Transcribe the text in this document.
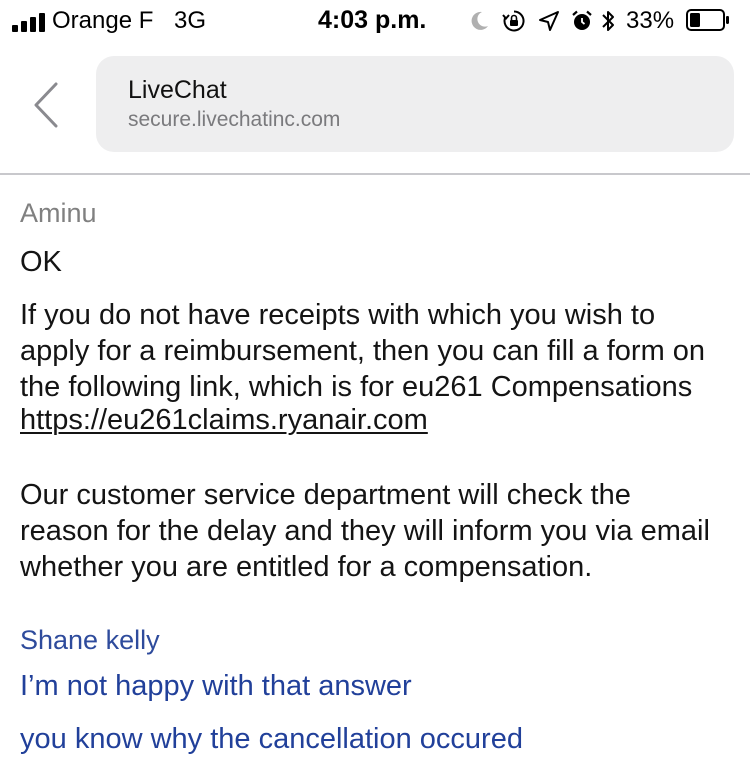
Orange F 3G	4:03 p.m.	33%
LiveChat
secure.livechatinc.com
Aminu
OK
If you do not have receipts with which you wish to
apply for a reimbursement, then you can fill a form on
the following link, which is for eu261 Compensations
https://eu261claims.ryanair.com
Our customer service department will check the
reason for the delay and they will inform you via email
whether you are entitled for a compensation.
Shane kelly
I’m not happy with that answer
you know why the cancellation occured
